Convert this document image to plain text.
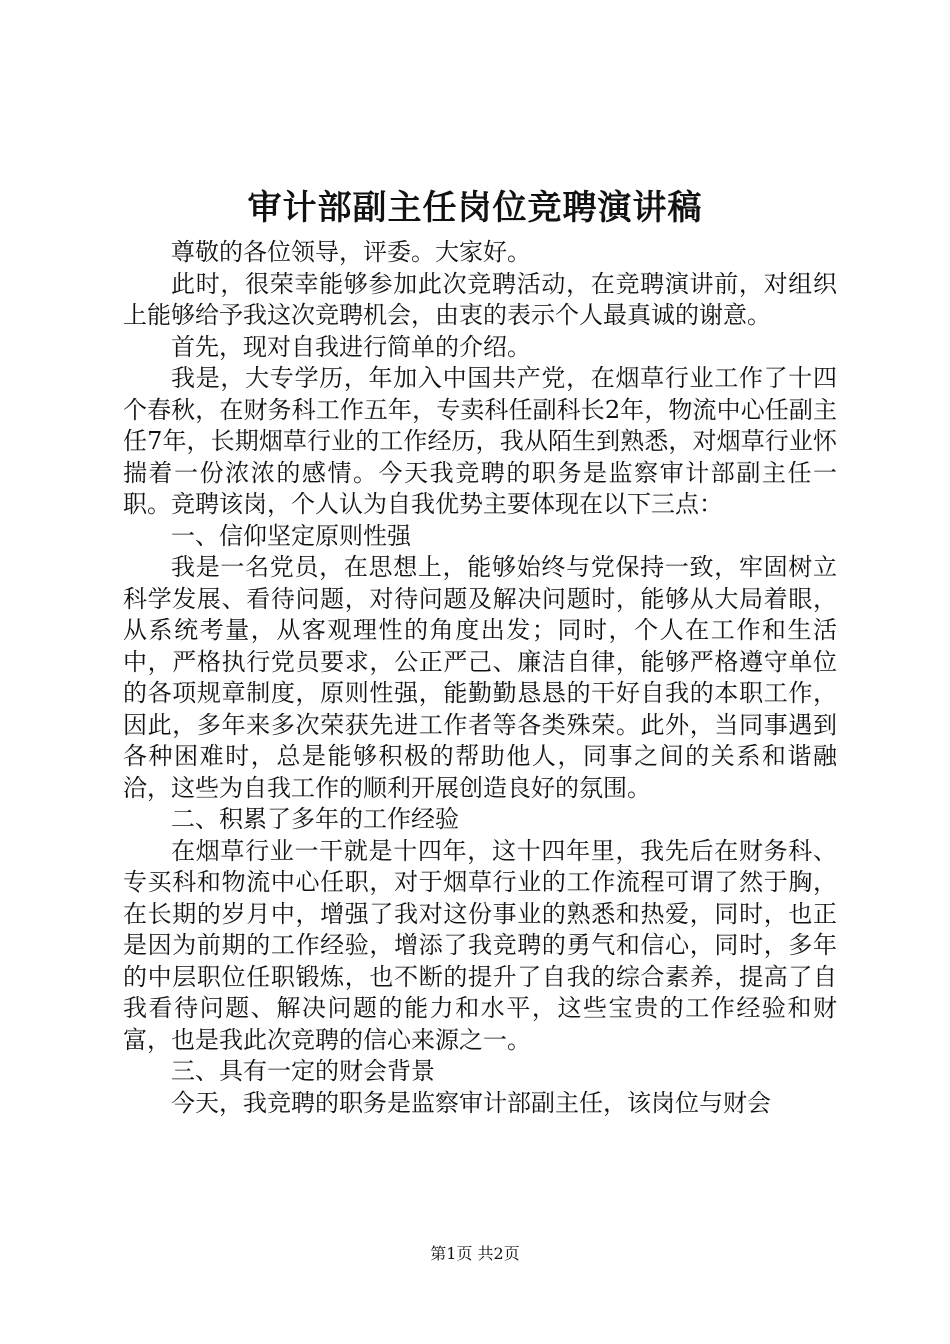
审计部副主任岗位竞聘演讲稿

尊敬的各位领导，评委。大家好。

此时，很荣幸能够参加此次竞聘活动，在竞聘演讲前，对组织上能够给予我这次竞聘机会，由衷的表示个人最真诚的谢意。

首先，现对自我进行简单的介绍。

我是，大专学历，年加入中国共产党，在烟草行业工作了十四个春秋，在财务科工作五年，专卖科任副科长2年，物流中心任副主任7年，长期烟草行业的工作经历，我从陌生到熟悉，对烟草行业怀揣着一份浓浓的感情。今天我竞聘的职务是监察审计部副主任一职。竞聘该岗，个人认为自我优势主要体现在以下三点：

一、信仰坚定原则性强

我是一名党员，在思想上，能够始终与党保持一致，牢固树立科学发展、看待问题，对待问题及解决问题时，能够从大局着眼，从系统考量，从客观理性的角度出发；同时，个人在工作和生活中，严格执行党员要求，公正严己、廉洁自律，能够严格遵守单位的各项规章制度，原则性强，能勤勤恳恳的干好自我的本职工作，因此，多年来多次荣获先进工作者等各类殊荣。此外，当同事遇到各种困难时，总是能够积极的帮助他人，同事之间的关系和谐融洽，这些为自我工作的顺利开展创造良好的氛围。

二、积累了多年的工作经验

在烟草行业一干就是十四年，这十四年里，我先后在财务科、专买科和物流中心任职，对于烟草行业的工作流程可谓了然于胸，在长期的岁月中，增强了我对这份事业的熟悉和热爱，同时，也正是因为前期的工作经验，增添了我竞聘的勇气和信心，同时，多年的中层职位任职锻炼，也不断的提升了自我的综合素养，提高了自我看待问题、解决问题的能力和水平，这些宝贵的工作经验和财富，也是我此次竞聘的信心来源之一。

三、具有一定的财会背景

今天，我竞聘的职务是监察审计部副主任，该岗位与财会

第1页 共2页
